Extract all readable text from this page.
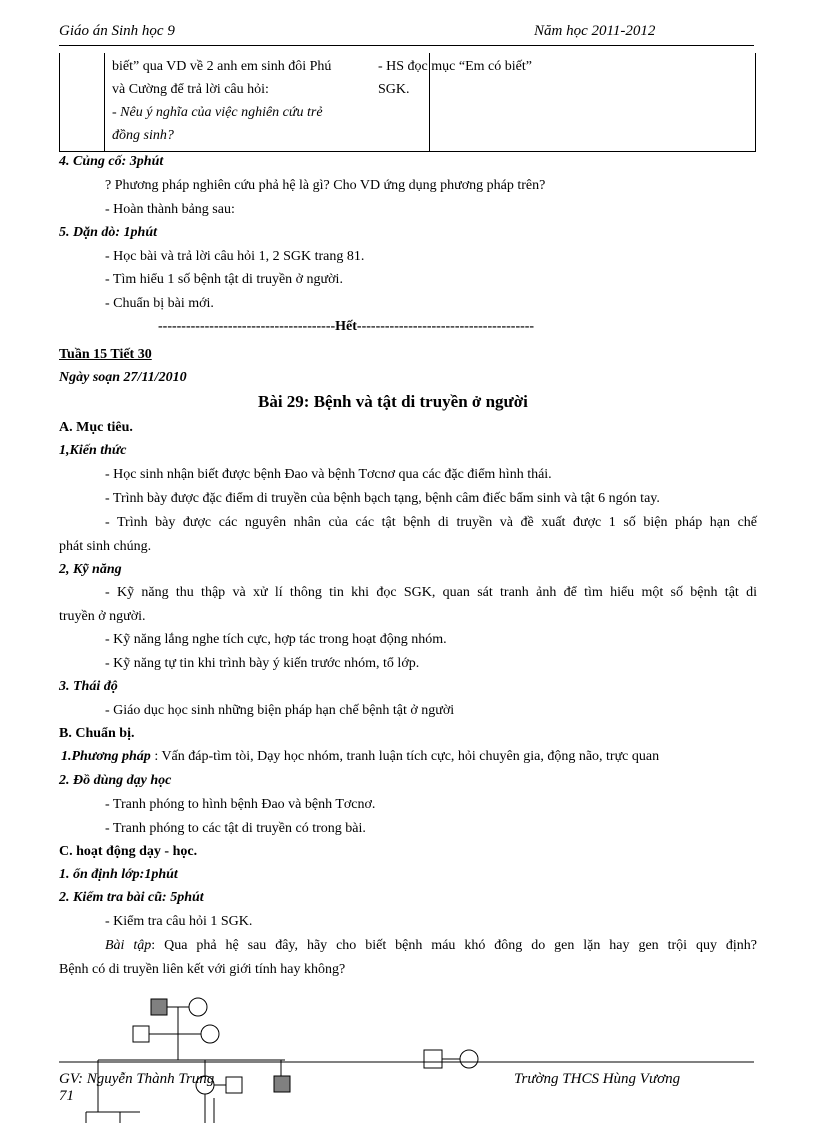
Giáo án Sinh học 9	Năm học 2011-2012
biết” qua VD về 2 anh em sinh đôi Phú
và Cường để trả lời câu hỏi:
- Nêu ý nghĩa của việc nghiên cứu trẻ
đồng sinh?
- HS đọc mục “Em có biết”
SGK.
4. Củng cố: 3phút
? Phương pháp nghiên cứu phả hệ là gì? Cho VD ứng dụng phương pháp trên?
- Hoàn thành bảng sau:
5. Dặn dò: 1phút
- Học bài và trả lời câu hỏi 1, 2 SGK trang 81.
- Tìm hiểu 1 số bệnh tật di truyền ở người.
- Chuẩn bị bài mới.
--------------------------------------Hết--------------------------------------
Tuần 15 Tiết 30
Ngày soạn 27/11/2010
Bài 29: Bệnh và tật di truyền ở người
A. Mục tiêu.
1,Kiến thức
- Học sinh nhận biết được bệnh Đao và bệnh Tơcnơ qua các đặc điểm hình thái.
- Trình bày được đặc điểm di truyền của bệnh bạch tạng, bệnh câm điếc bẩm sinh và tật 6 ngón tay.
- Trình bày được các nguyên nhân của các tật bệnh di truyền và đề xuất được 1 số biện pháp hạn chế
phát sinh chúng.
2, Kỹ năng
- Kỹ năng thu thập và xử lí thông tin khi đọc SGK, quan sát tranh ảnh để tìm hiểu một số bệnh tật di
truyền ở người.
- Kỹ năng lắng nghe tích cực, hợp tác trong hoạt động nhóm.
- Kỹ năng tự tin khi trình bày ý kiến trước nhóm, tổ lớp.
3. Thái độ
- Giáo dục học sinh những biện pháp hạn chế bệnh tật ở người
B. Chuẩn bị.
1.Phương pháp : Vấn đáp-tìm tòi, Dạy học nhóm, tranh luận tích cực, hỏi chuyên gia, động não, trực quan
2. Đồ dùng dạy học
- Tranh phóng to hình bệnh Đao và bệnh Tơcnơ.
- Tranh phóng to các tật di truyền có trong bài.
C. hoạt động dạy - học.
1. ổn định lớp:1phút
2. Kiểm tra bài cũ: 5phút
- Kiểm tra câu hỏi 1 SGK.
Bài tập: Qua phả hệ sau đây, hãy cho biết bệnh máu khó đông do gen lặn hay gen trội quy định?
Bệnh có di truyền liên kết với giới tính hay không?
GV: Nguyễn Thành Trung
71
Trường THCS Hùng Vương
